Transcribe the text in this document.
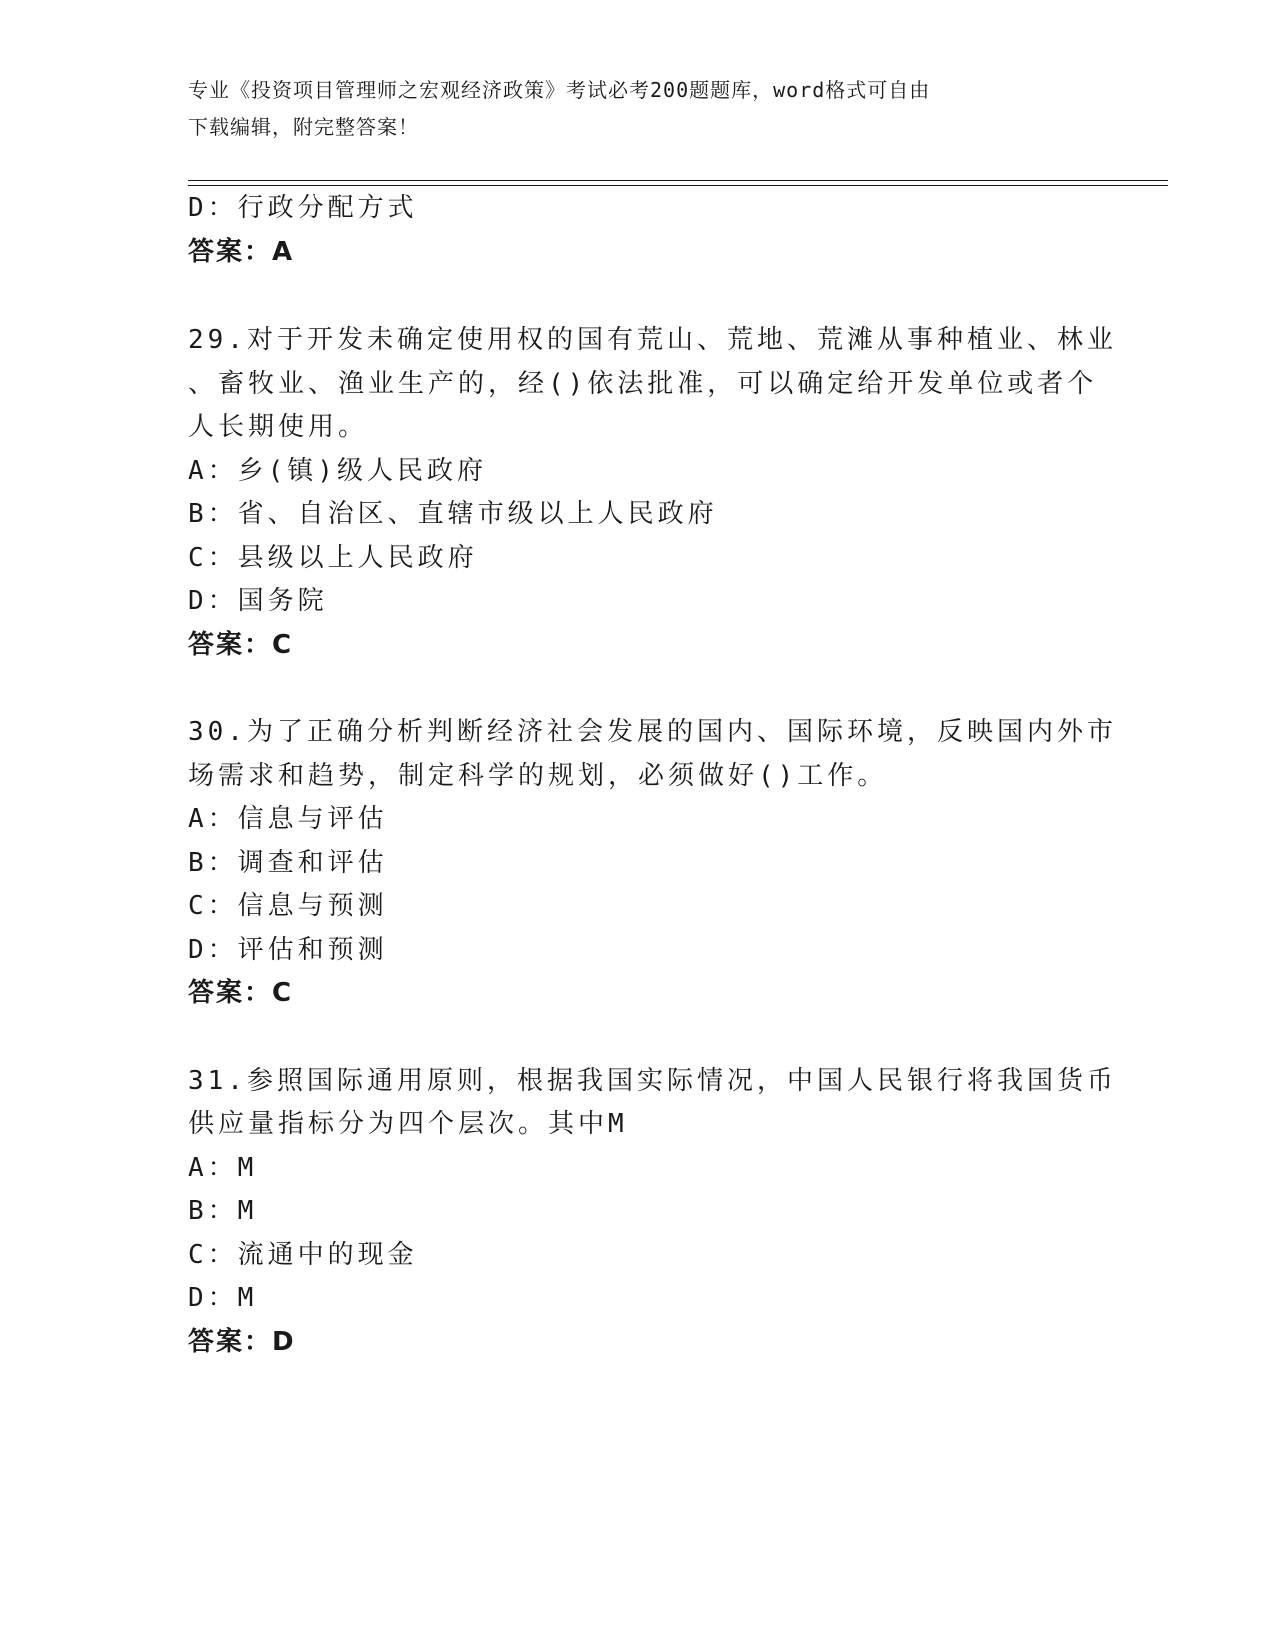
专业《投资项目管理师之宏观经济政策》考试必考200题题库，word格式可自由
下载编辑，附完整答案！
D：行政分配方式
答案：A
29.对于开发未确定使用权的国有荒山、荒地、荒滩从事种植业、林业
、畜牧业、渔业生产的，经()依法批准，可以确定给开发单位或者个
人长期使用。
A：乡(镇)级人民政府
B：省、自治区、直辖市级以上人民政府
C：县级以上人民政府
D：国务院
答案：C
30.为了正确分析判断经济社会发展的国内、国际环境，反映国内外市
场需求和趋势，制定科学的规划，必须做好()工作。
A：信息与评估
B：调查和评估
C：信息与预测
D：评估和预测
答案：C
31.参照国际通用原则，根据我国实际情况，中国人民银行将我国货币
供应量指标分为四个层次。其中M
A：M
B：M
C：流通中的现金
D：M
答案：D
